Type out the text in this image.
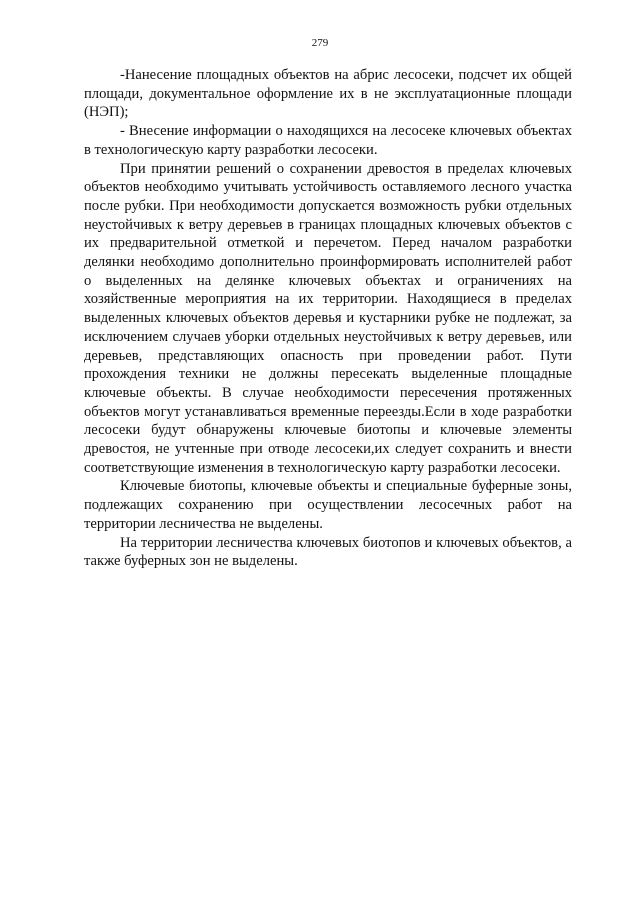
279

-Нанесение площадных объектов на абрис лесосеки, подсчет их общей площади, документальное оформление их в не эксплуатационные площади (НЭП);

- Внесение информации о находящихся на лесосеке ключевых объектах в технологическую карту разработки лесосеки.

При принятии решений о сохранении древостоя в пределах ключевых объектов необходимо учитывать устойчивость оставляемого лесного участка после рубки. При необходимости допускается возможность рубки отдельных неустойчивых к ветру деревьев в границах площадных ключевых объектов с их предварительной отметкой и перечетом. Перед началом разработки делянки необходимо дополнительно проинформировать исполнителей работ о выделенных на делянке ключевых объектах и ограничениях на хозяйственные мероприятия на их территории. Находящиеся в пределах выделенных ключевых объектов деревья и кустарники рубке не подлежат, за исключением случаев уборки отдельных неустойчивых к ветру деревьев, или деревьев, представляющих опасность при проведении работ. Пути прохождения техники не должны пересекать выделенные площадные ключевые объекты. В случае необходимости пересечения протяженных объектов могут устанавливаться временные переезды.Если в ходе разработки лесосеки будут обнаружены ключевые биотопы и ключевые элементы древостоя, не учтенные при отводе лесосеки,их следует сохранить и внести соответствующие изменения в технологическую карту разработки лесосеки.

Ключевые биотопы, ключевые объекты и специальные буферные зоны, подлежащих сохранению при осуществлении лесосечных работ на территории лесничества не выделены.

На территории лесничества ключевых биотопов и ключевых объектов, а также буферных зон не выделены.
